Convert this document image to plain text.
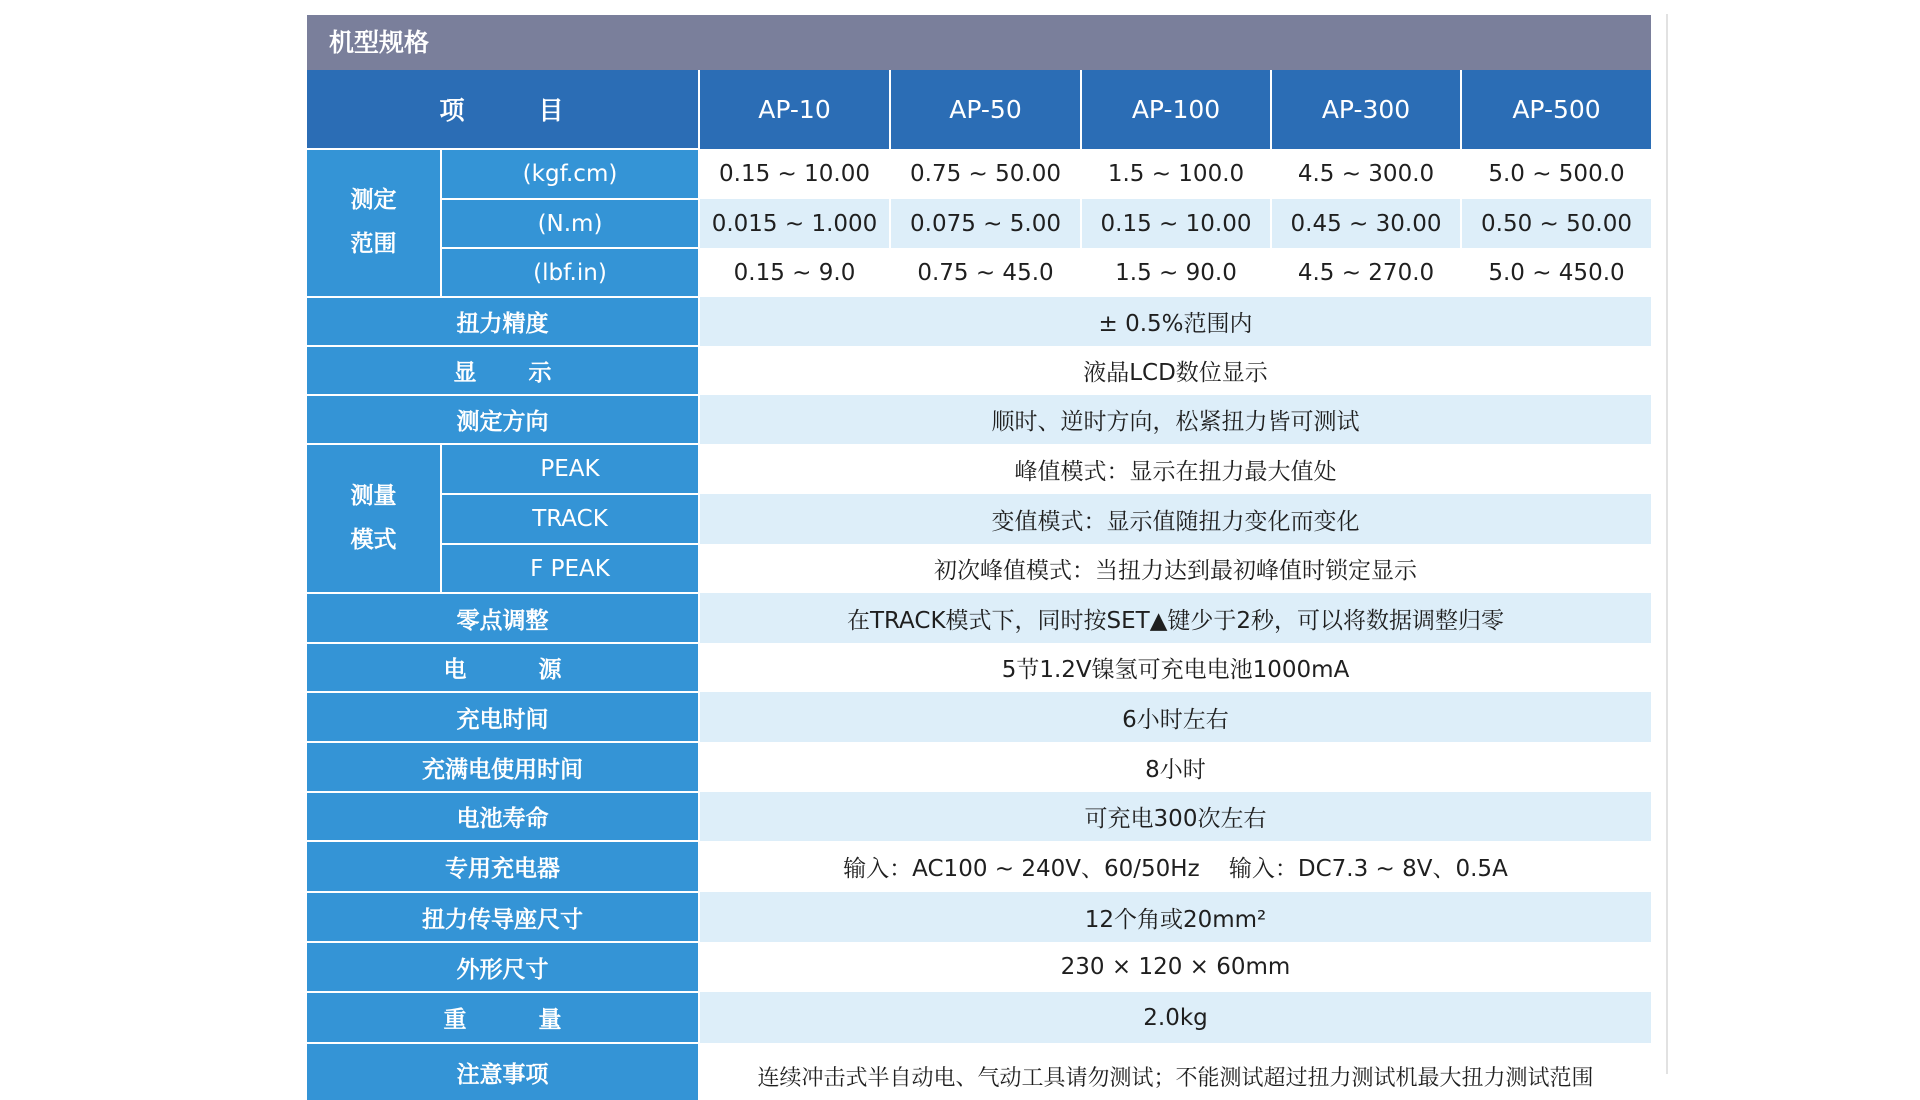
机型规格
项 目		AP-10	AP-50	AP-100	AP-300	AP-500
测定
范围	(kgf.cm)	0.15 ~ 10.00	0.75 ~ 50.00	1.5 ~ 100.0	4.5 ~ 300.0	5.0 ~ 500.0
	(N.m)	0.015 ~ 1.000	0.075 ~ 5.00	0.15 ~ 10.00	0.45 ~ 30.00	0.50 ~ 50.00
	(lbf.in)	0.15 ~ 9.0	0.75 ~ 45.0	1.5 ~ 90.0	4.5 ~ 270.0	5.0 ~ 450.0
扭力精度		± 0.5%范围内				
显 示		液晶LCD数位显示				
测定方向		顺时、逆时方向，松紧扭力皆可测试				
测量
模式	PEAK	峰值模式：显示在扭力最大值处				
	TRACK	变值模式：显示值随扭力变化而变化				
	F PEAK	初次峰值模式：当扭力达到最初峰值时锁定显示				
零点调整		在TRACK模式下，同时按SET▲键少于2秒，可以将数据调整归零				
电 源		5节1.2V镍氢可充电电池1000mA				
充电时间		6小时左右				
充满电使用时间		8小时				
电池寿命		可充电300次左右				
专用充电器		输入：AC100 ~ 240V、60/50Hz    输入：DC7.3 ~ 8V、0.5A				
扭力传导座尺寸		12个角或20mm²				
外形尺寸		230 × 120 × 60mm				
重 量		2.0kg				
注意事项		连续冲击式半自动电、气动工具请勿测试；不能测试超过扭力测试机最大扭力测试范围				
